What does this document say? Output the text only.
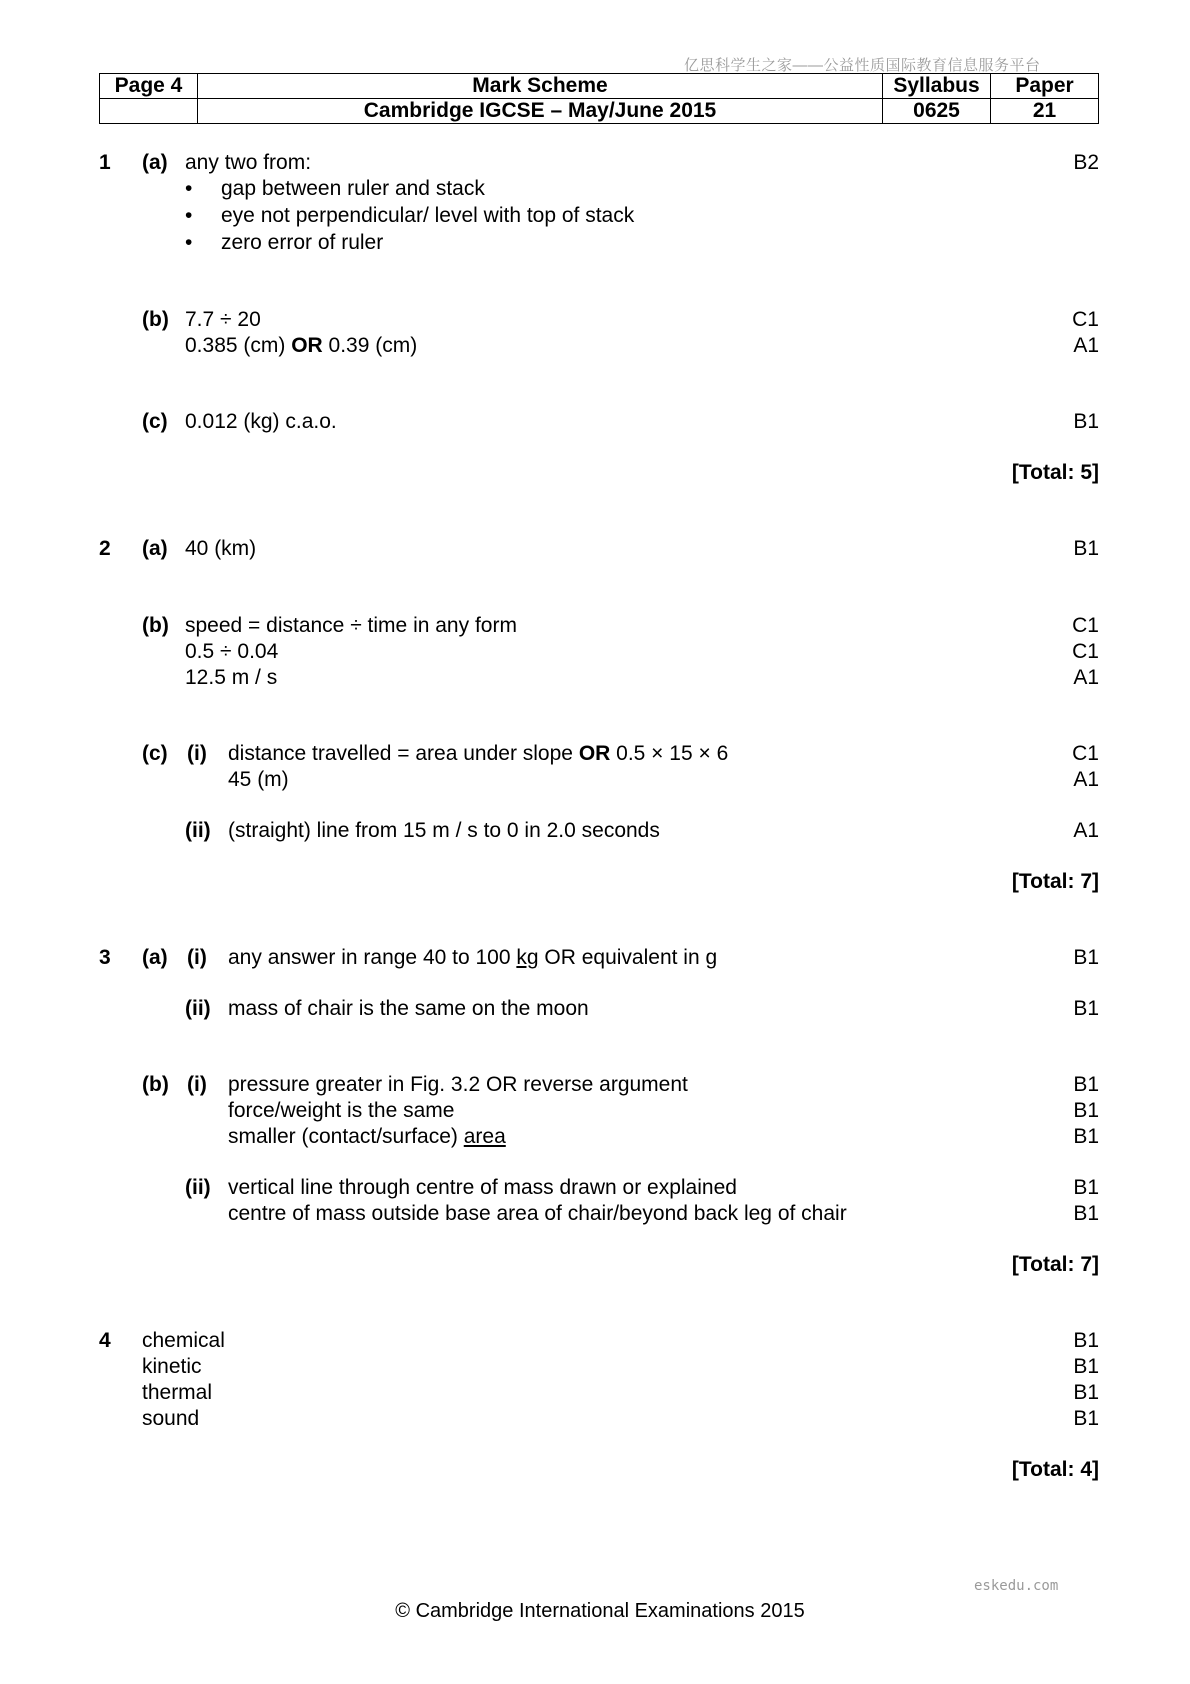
亿思科学生之家——公益性质国际教育信息服务平台
Page 4	Mark Scheme	Syllabus	Paper
	Cambridge IGCSE – May/June 2015	0625	21
1 (a) any two from:	B2
• gap between ruler and stack
• eye not perpendicular/ level with top of stack
• zero error of ruler
(b) 7.7 ÷ 20	C1
0.385 (cm) OR 0.39 (cm)	A1
(c) 0.012 (kg) c.a.o.	B1
[Total: 5]
2 (a) 40 (km)	B1
(b) speed = distance ÷ time in any form	C1
0.5 ÷ 0.04	C1
12.5 m / s	A1
(c) (i) distance travelled = area under slope OR 0.5 × 15 × 6	C1
45 (m)	A1
(ii) (straight) line from 15 m / s to 0 in 2.0 seconds	A1
[Total: 7]
3 (a) (i) any answer in range 40 to 100 kg OR equivalent in g	B1
(ii) mass of chair is the same on the moon	B1
(b) (i) pressure greater in Fig. 3.2 OR reverse argument	B1
force/weight is the same	B1
smaller (contact/surface) area	B1
(ii) vertical line through centre of mass drawn or explained	B1
centre of mass outside base area of chair/beyond back leg of chair	B1
[Total: 7]
4 chemical	B1
kinetic	B1
thermal	B1
sound	B1
[Total: 4]
eskedu.com
© Cambridge International Examinations 2015
